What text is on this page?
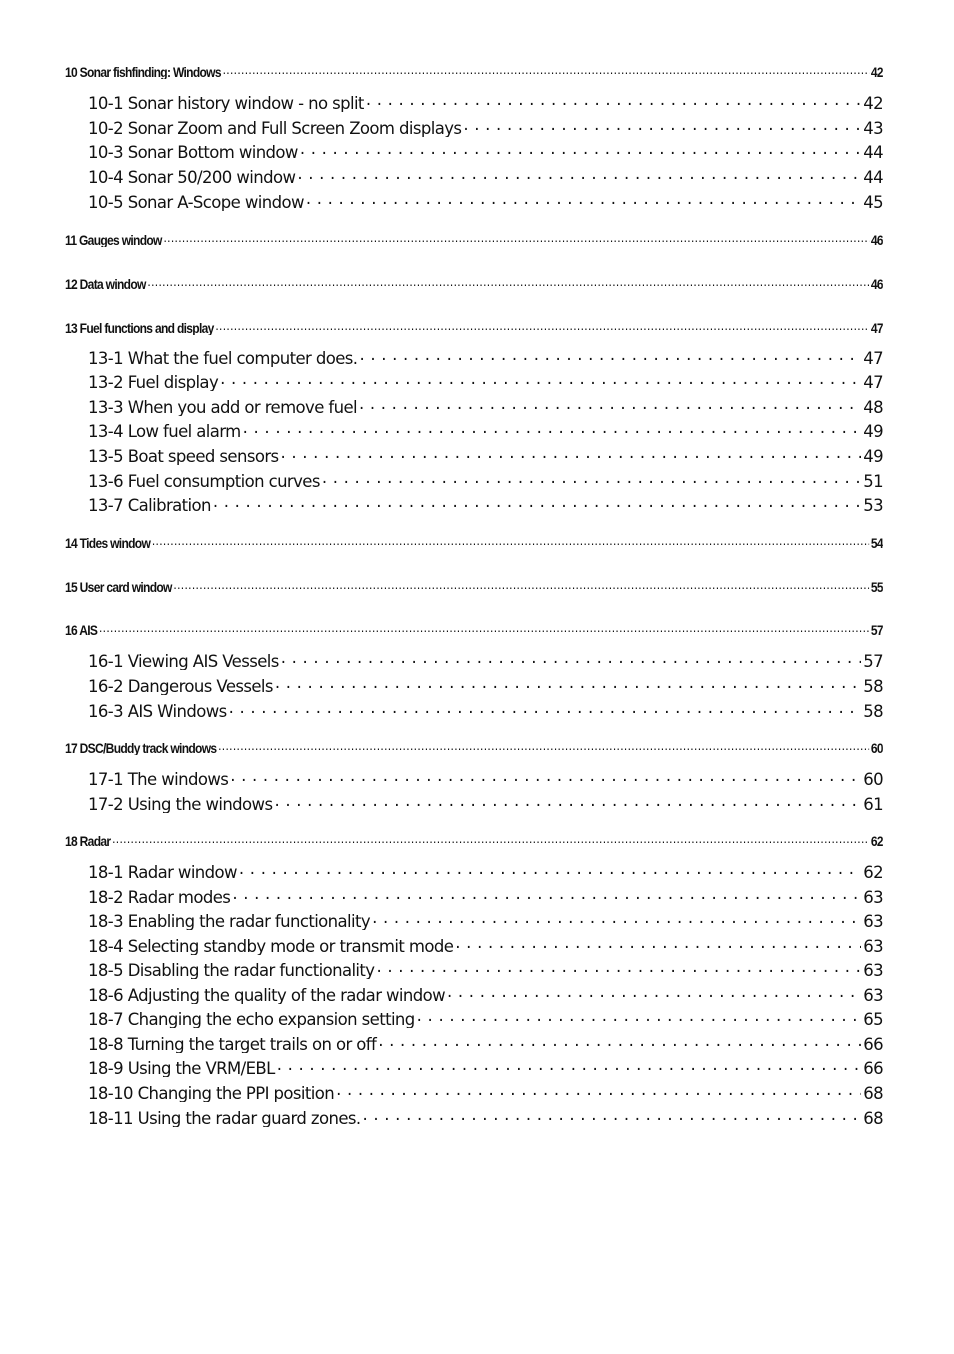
10 Sonar fishfinding: Windows .....	42
10-1 Sonar history window - no split . . .	42
10-2 Sonar Zoom and Full Screen Zoom displays . . .	43
10-3 Sonar Bottom window . . .	44
10-4 Sonar 50/200 window . . .	44
10-5 Sonar A-Scope window . . .	45
11 Gauges window .....	46
12 Data window .....	46
13 Fuel functions and display .....	47
13-1 What the fuel computer does. . . .	47
13-2 Fuel display . . .	47
13-3 When you add or remove fuel . . .	48
13-4 Low fuel alarm . . .	49
13-5 Boat speed sensors . . .	49
13-6 Fuel consumption curves . . .	51
13-7 Calibration . . .	53
14 Tides window .....	54
15 User card window .....	55
16 AIS .....	57
16-1 Viewing AIS Vessels . . .	57
16-2 Dangerous Vessels . . .	58
16-3 AIS Windows . . .	58
17 DSC/Buddy track windows .....	60
17-1 The windows . . .	60
17-2 Using the windows . . .	61
18 Radar .....	62
18-1 Radar window . . .	62
18-2 Radar modes . . .	63
18-3 Enabling the radar functionality . . .	63
18-4 Selecting standby mode or transmit mode . . .	63
18-5 Disabling the radar functionality . . .	63
18-6 Adjusting the quality of the radar window . . .	63
18-7 Changing the echo expansion setting . . .	65
18-8 Turning the target trails on or off . . .	66
18-9 Using the VRM/EBL . . .	66
18-10 Changing the PPI position . . .	68
18-11 Using the radar guard zones. . . .	68
